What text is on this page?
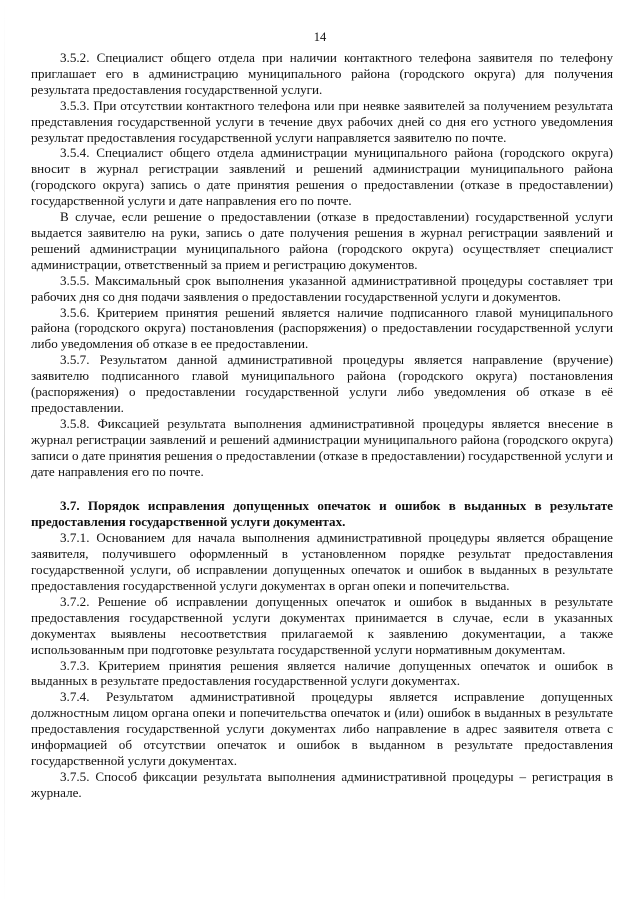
14

3.5.2. Специалист общего отдела при наличии контактного телефона заявителя по телефону приглашает его в администрацию муниципального района (городского округа) для получения результата предоставления государственной услуги.

3.5.3. При отсутствии контактного телефона или при неявке заявителей за получением результата представления государственной услуги в течение двух рабочих дней со дня его устного уведомления результат предоставления государственной услуги направляется заявителю по почте.

3.5.4. Специалист общего отдела администрации муниципального района (городского округа) вносит в журнал регистрации заявлений и решений администрации муниципального района (городского округа) запись о дате принятия решения о предоставлении (отказе в предоставлении) государственной услуги и дате направления его по почте.

В случае, если решение о предоставлении (отказе в предоставлении) государственной услуги выдается заявителю на руки, запись о дате получения решения в журнал регистрации заявлений и решений администрации муниципального района (городского округа) осуществляет специалист администрации, ответственный за прием и регистрацию документов.

3.5.5. Максимальный срок выполнения указанной административной процедуры составляет три рабочих дня со дня подачи заявления о предоставлении государственной услуги и документов.

3.5.6. Критерием принятия решений является наличие подписанного главой муниципального района (городского округа) постановления (распоряжения) о предоставлении государственной услуги либо уведомления об отказе в ее предоставлении.

3.5.7. Результатом данной административной процедуры является направление (вручение) заявителю подписанного главой муниципального района (городского округа) постановления (распоряжения) о предоставлении государственной услуги либо уведомления об отказе в её предоставлении.

3.5.8. Фиксацией результата выполнения административной процедуры является внесение в журнал регистрации заявлений и решений администрации муниципального района (городского округа) записи о дате принятия решения о предоставлении (отказе в предоставлении) государственной услуги и дате направления его по почте.

3.7. Порядок исправления допущенных опечаток и ошибок в выданных в результате предоставления государственной услуги документах.

3.7.1. Основанием для начала выполнения административной процедуры является обращение заявителя, получившего оформленный в установленном порядке результат предоставления государственной услуги, об исправлении допущенных опечаток и ошибок в выданных в результате предоставления государственной услуги документах в орган опеки и попечительства.

3.7.2. Решение об исправлении допущенных опечаток и ошибок в выданных в результате предоставления государственной услуги документах принимается в случае, если в указанных документах выявлены несоответствия прилагаемой к заявлению документации, а также использованным при подготовке результата государственной услуги нормативным документам.

3.7.3. Критерием принятия решения является наличие допущенных опечаток и ошибок в выданных в результате предоставления государственной услуги документах.

3.7.4. Результатом административной процедуры является исправление допущенных должностным лицом органа опеки и попечительства опечаток и (или) ошибок в выданных в результате предоставления государственной услуги документах либо направление в адрес заявителя ответа с информацией об отсутствии опечаток и ошибок в выданном в результате предоставления государственной услуги документах.

3.7.5. Способ фиксации результата выполнения административной процедуры – регистрация в журнале.
